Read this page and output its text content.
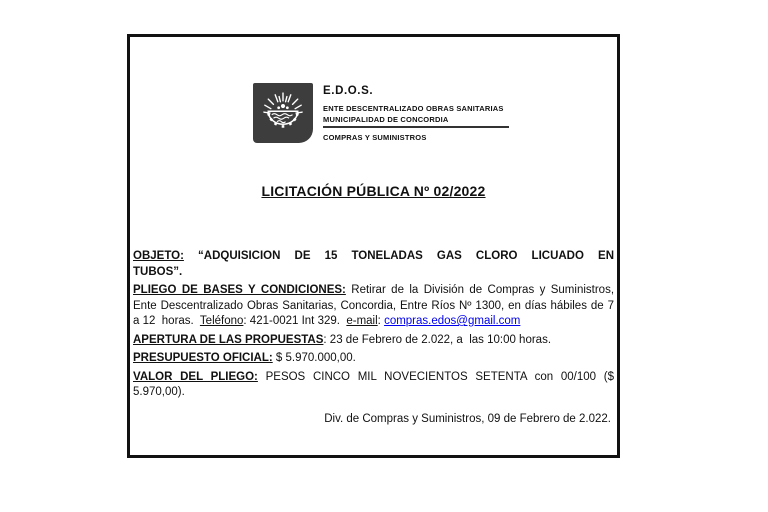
E.D.O.S.
ENTE DESCENTRALIZADO OBRAS SANITARIAS
MUNICIPALIDAD DE CONCORDIA
COMPRAS Y SUMINISTROS
LICITACIÓN PÚBLICA Nº 02/2022

OBJETO: “ADQUISICION DE 15 TONELADAS GAS CLORO LICUADO EN TUBOS”.

PLIEGO DE BASES Y CONDICIONES: Retirar de la División de Compras y Suministros, Ente Descentralizado Obras Sanitarias, Concordia, Entre Ríos Nº 1300, en días hábiles de 7 a 12  horas.  Teléfono: 421-0021 Int 329.  e-mail: compras.edos@gmail.com

APERTURA DE LAS PROPUESTAS: 23 de Febrero de 2.022, a  las 10:00 horas.

PRESUPUESTO OFICIAL: $ 5.970.000,00.

VALOR DEL PLIEGO: PESOS CINCO MIL NOVECIENTOS SETENTA con 00/100 ($ 5.970,00).

Div. de Compras y Suministros, 09 de Febrero de 2.022.
